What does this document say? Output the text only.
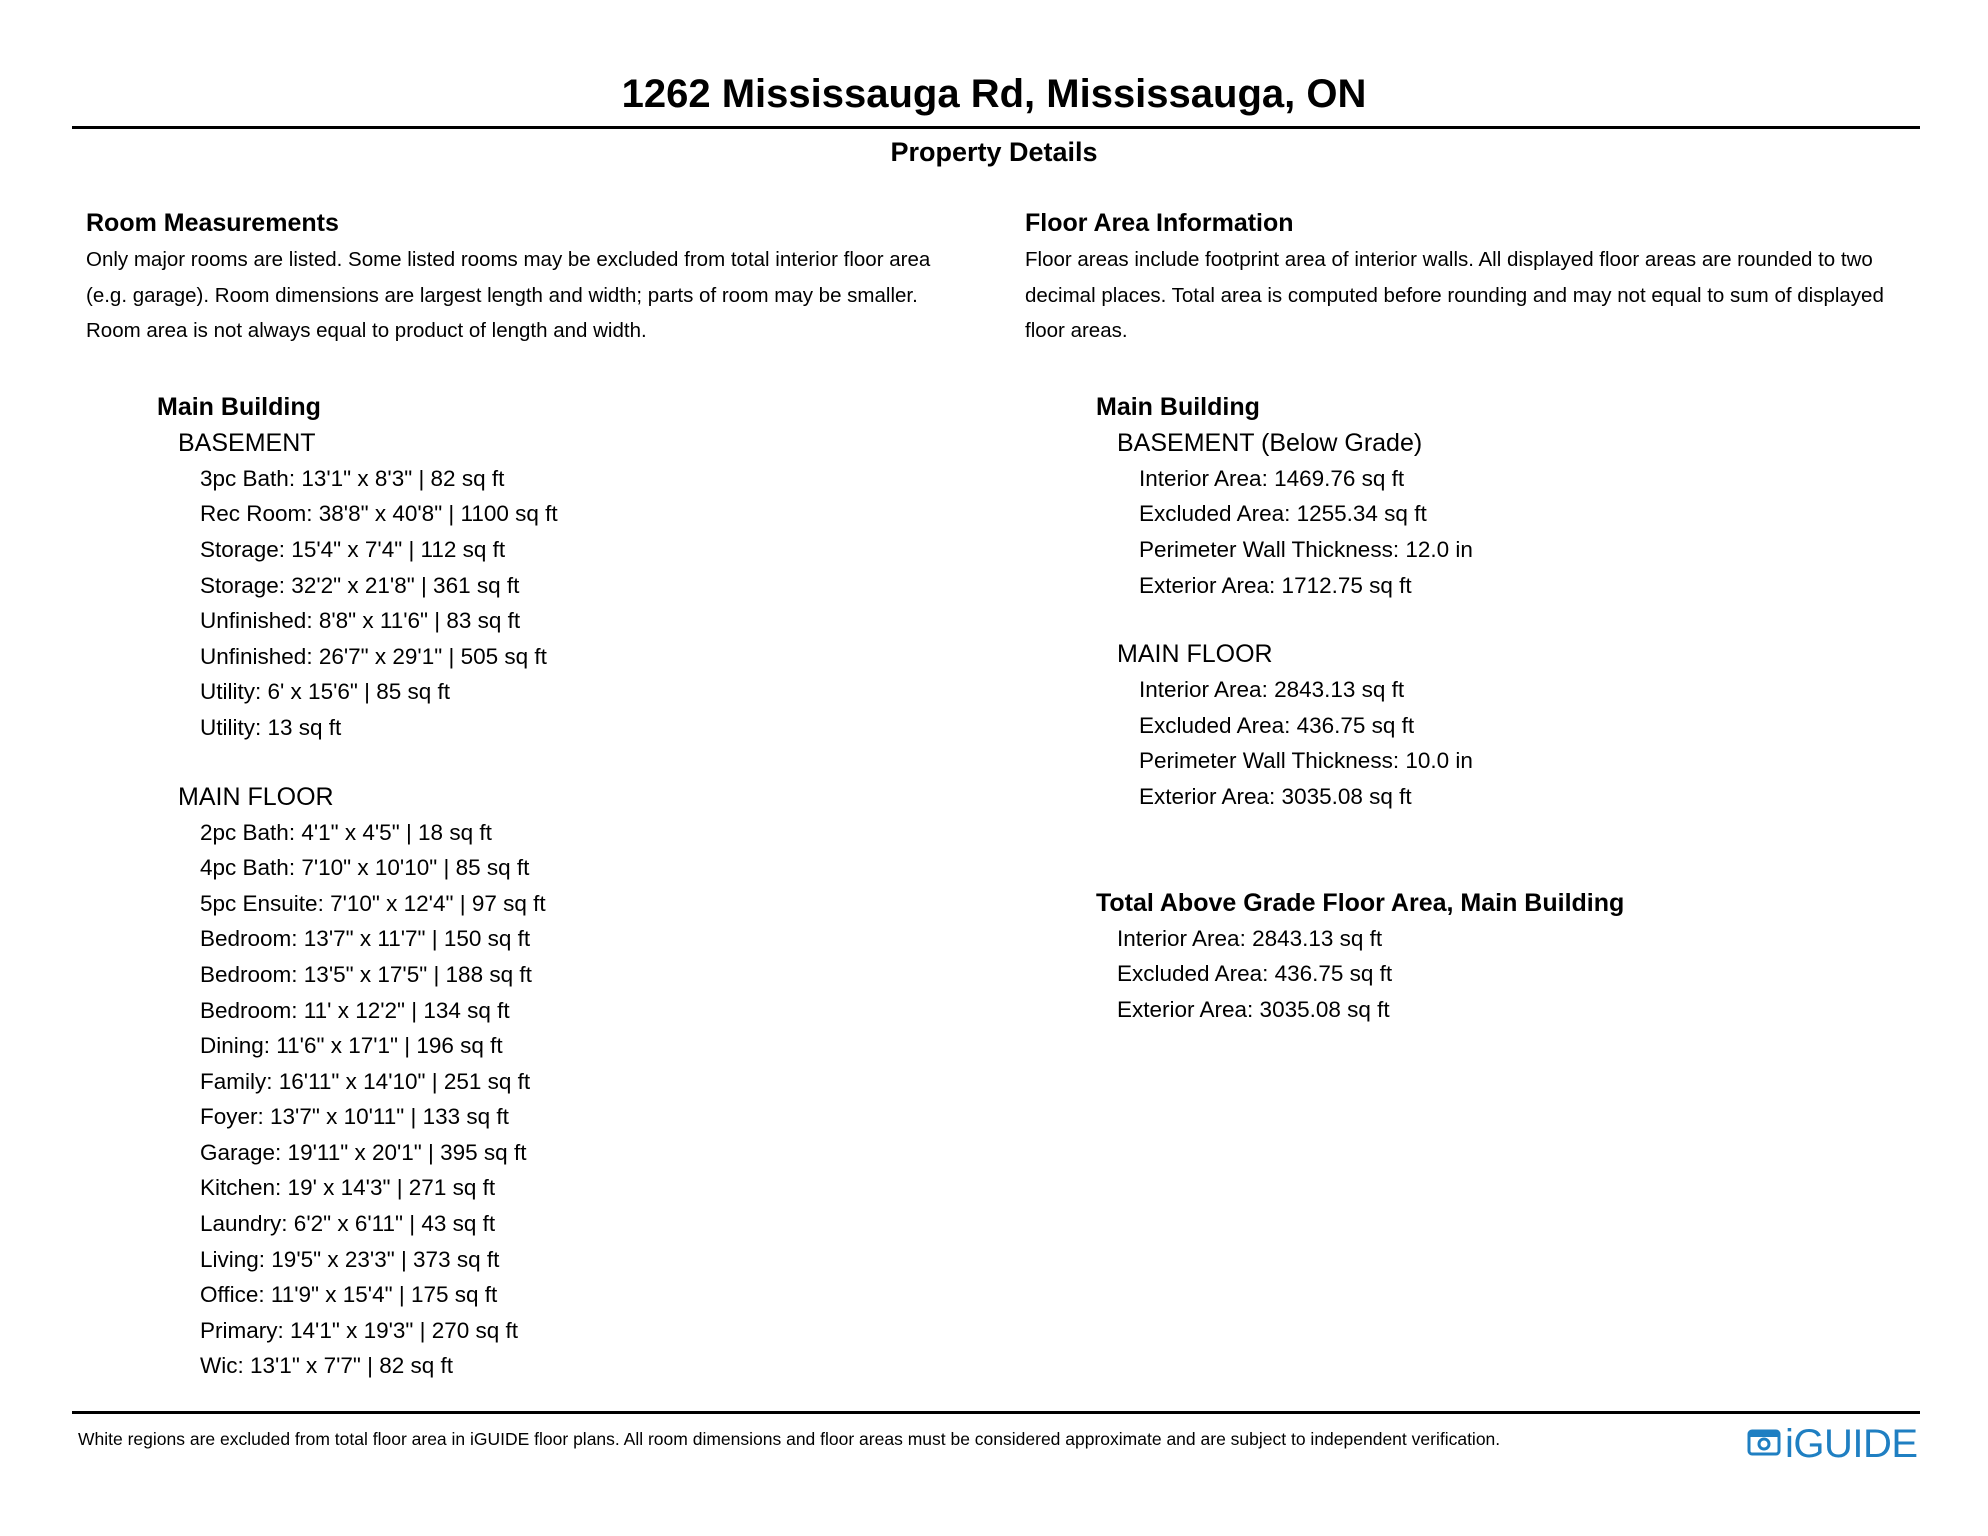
1262 Mississauga Rd, Mississauga, ON
Property Details
Room Measurements
Only major rooms are listed. Some listed rooms may be excluded from total interior floor area
(e.g. garage). Room dimensions are largest length and width; parts of room may be smaller.
Room area is not always equal to product of length and width.
Main Building
BASEMENT
3pc Bath: 13'1" x 8'3" | 82 sq ft
Rec Room: 38'8" x 40'8" | 1100 sq ft
Storage: 15'4" x 7'4" | 112 sq ft
Storage: 32'2" x 21'8" | 361 sq ft
Unfinished: 8'8" x 11'6" | 83 sq ft
Unfinished: 26'7" x 29'1" | 505 sq ft
Utility: 6' x 15'6" | 85 sq ft
Utility: 13 sq ft
MAIN FLOOR
2pc Bath: 4'1" x 4'5" | 18 sq ft
4pc Bath: 7'10" x 10'10" | 85 sq ft
5pc Ensuite: 7'10" x 12'4" | 97 sq ft
Bedroom: 13'7" x 11'7" | 150 sq ft
Bedroom: 13'5" x 17'5" | 188 sq ft
Bedroom: 11' x 12'2" | 134 sq ft
Dining: 11'6" x 17'1" | 196 sq ft
Family: 16'11" x 14'10" | 251 sq ft
Foyer: 13'7" x 10'11" | 133 sq ft
Garage: 19'11" x 20'1" | 395 sq ft
Kitchen: 19' x 14'3" | 271 sq ft
Laundry: 6'2" x 6'11" | 43 sq ft
Living: 19'5" x 23'3" | 373 sq ft
Office: 11'9" x 15'4" | 175 sq ft
Primary: 14'1" x 19'3" | 270 sq ft
Wic: 13'1" x 7'7" | 82 sq ft
Floor Area Information
Floor areas include footprint area of interior walls. All displayed floor areas are rounded to two
decimal places. Total area is computed before rounding and may not equal to sum of displayed
floor areas.
Main Building
BASEMENT (Below Grade)
Interior Area: 1469.76 sq ft
Excluded Area: 1255.34 sq ft
Perimeter Wall Thickness: 12.0 in
Exterior Area: 1712.75 sq ft
MAIN FLOOR
Interior Area: 2843.13 sq ft
Excluded Area: 436.75 sq ft
Perimeter Wall Thickness: 10.0 in
Exterior Area: 3035.08 sq ft
Total Above Grade Floor Area, Main Building
Interior Area: 2843.13 sq ft
Excluded Area: 436.75 sq ft
Exterior Area: 3035.08 sq ft
White regions are excluded from total floor area in iGUIDE floor plans. All room dimensions and floor areas must be considered approximate and are subject to independent verification.	iGUIDE
